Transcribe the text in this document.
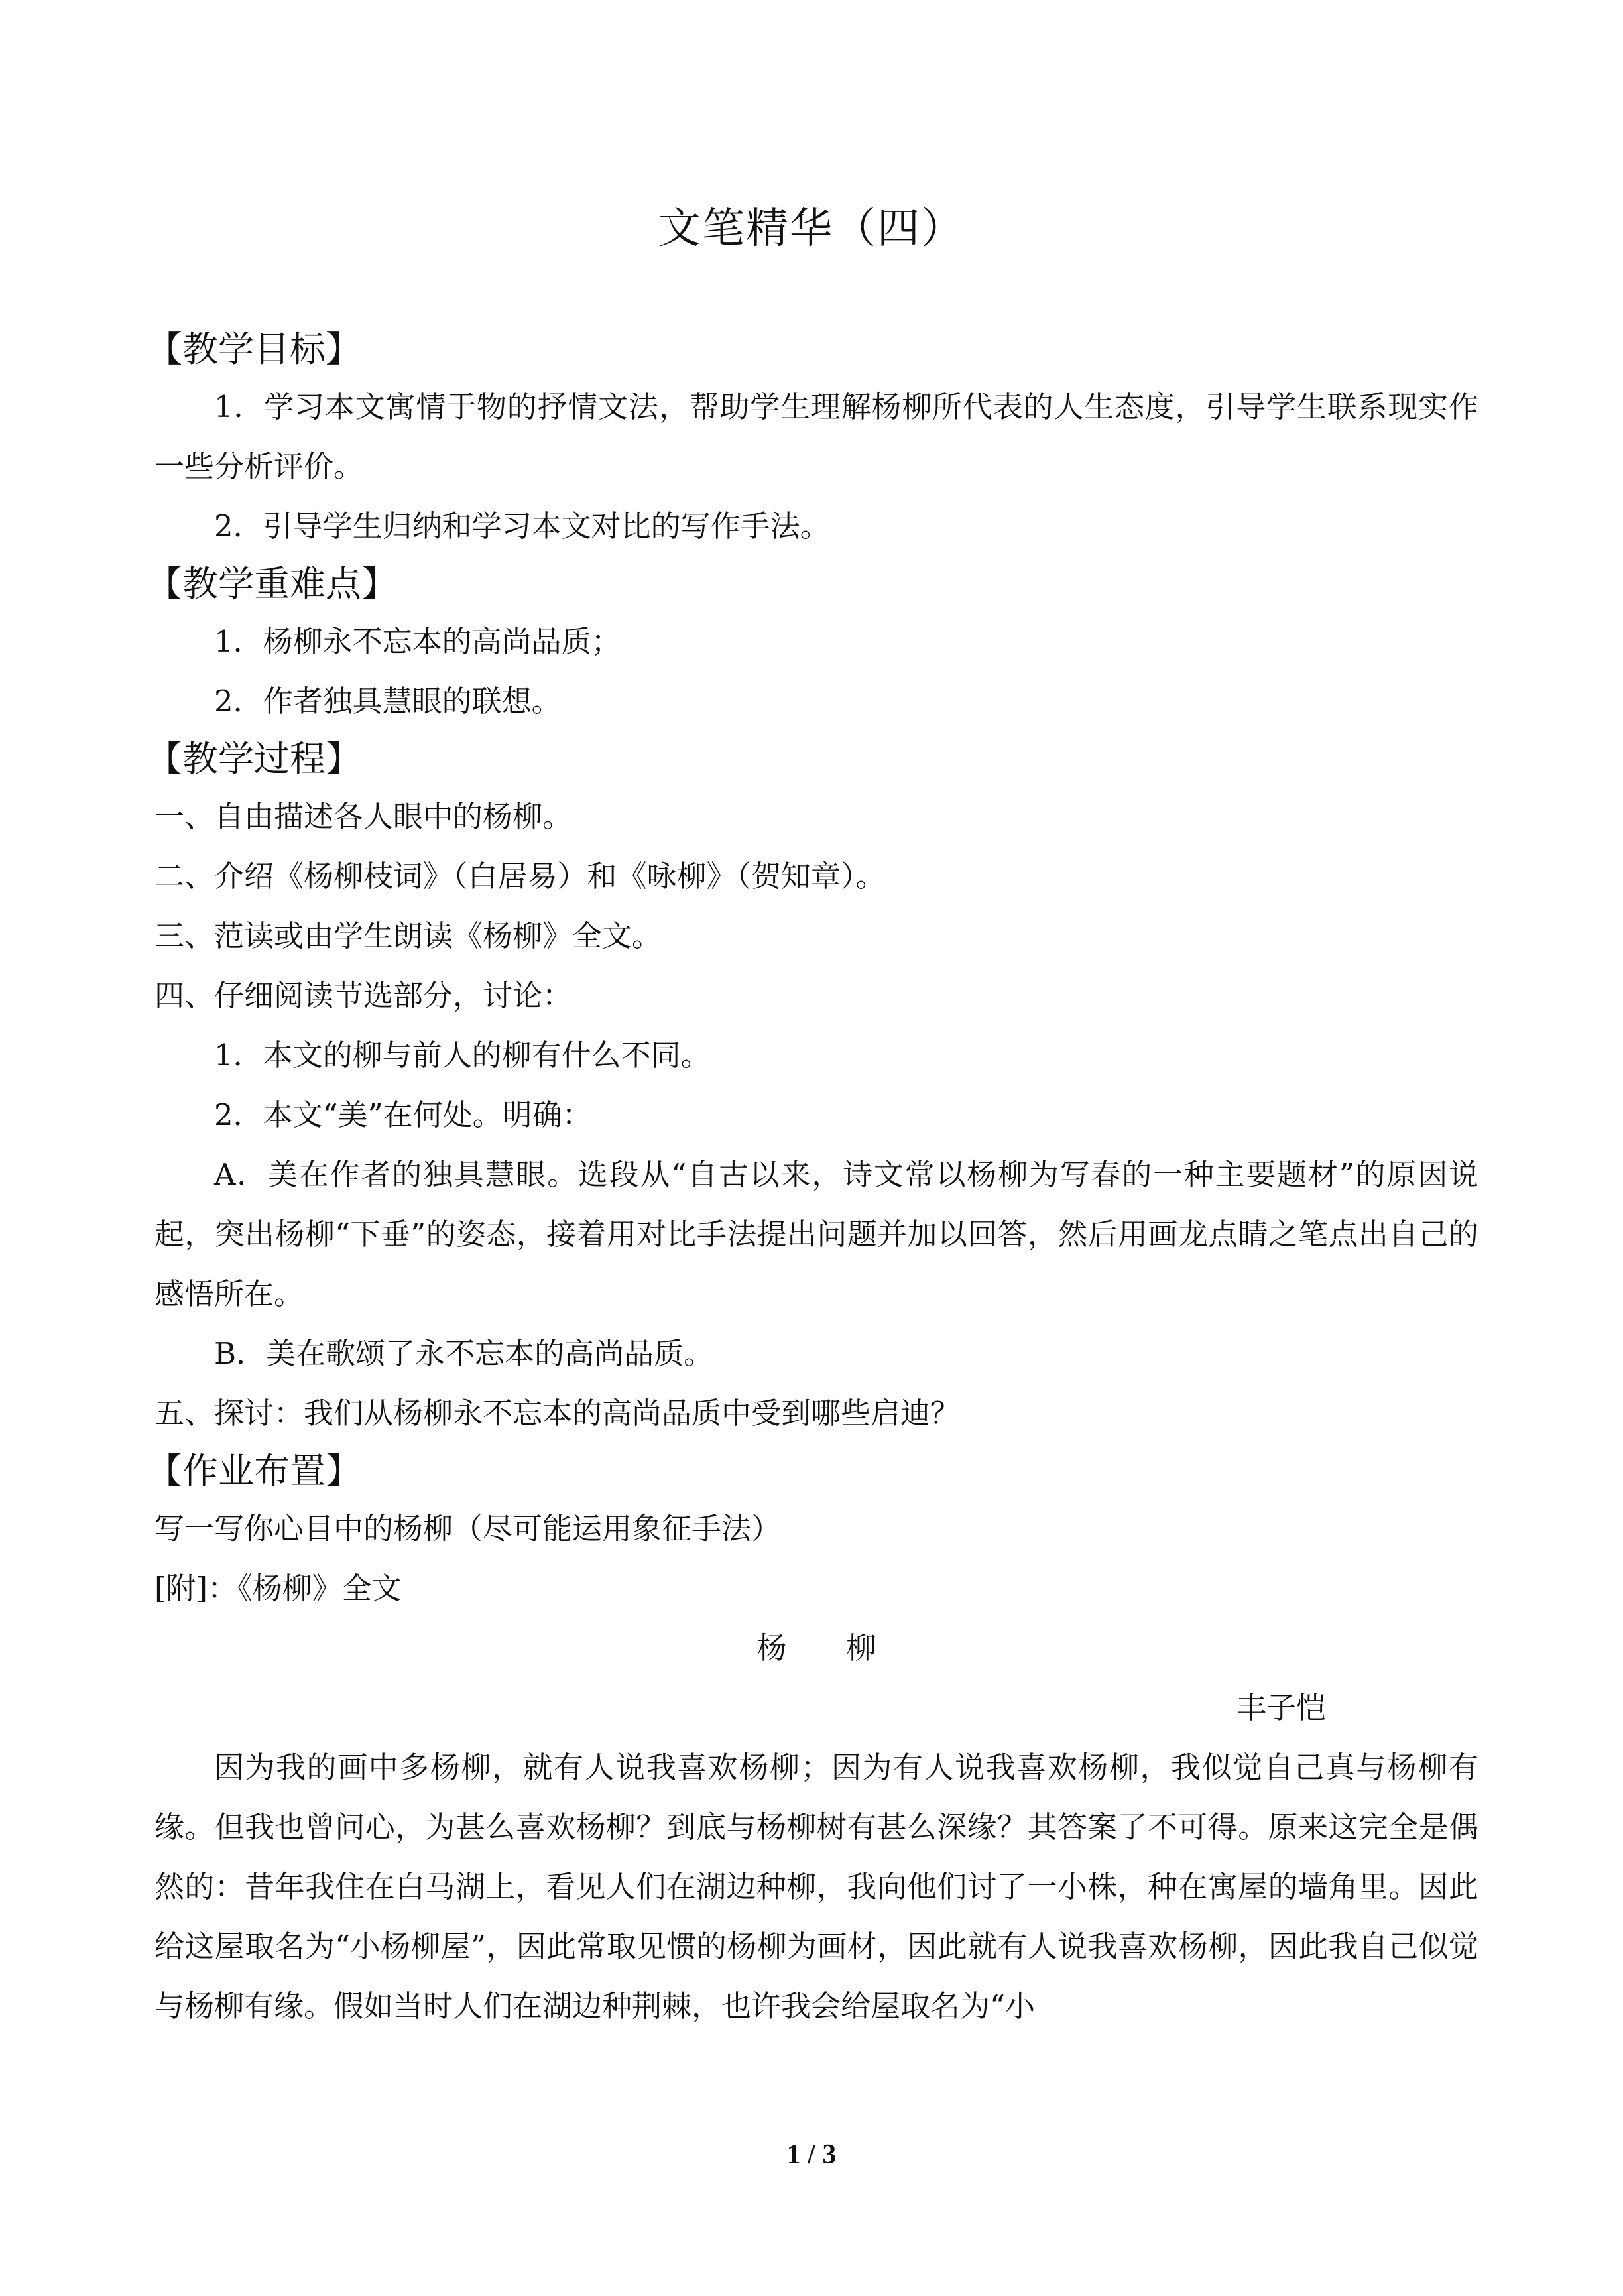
文笔精华（四）
【教学目标】
1．学习本文寓情于物的抒情文法，帮助学生理解杨柳所代表的人生态度，引导学生联系现实作一些分析评价。
2．引导学生归纳和学习本文对比的写作手法。
【教学重难点】
1．杨柳永不忘本的高尚品质；
2．作者独具慧眼的联想。
【教学过程】
一、自由描述各人眼中的杨柳。
二、介绍《杨柳枝词》（白居易）和《咏柳》（贺知章）。
三、范读或由学生朗读《杨柳》全文。
四、仔细阅读节选部分，讨论：
1．本文的柳与前人的柳有什么不同。
2．本文“美”在何处。明确：
A．美在作者的独具慧眼。选段从“自古以来，诗文常以杨柳为写春的一种主要题材”的原因说起，突出杨柳“下垂”的姿态，接着用对比手法提出问题并加以回答，然后用画龙点睛之笔点出自己的感悟所在。
B．美在歌颂了永不忘本的高尚品质。
五、探讨：我们从杨柳永不忘本的高尚品质中受到哪些启迪？
【作业布置】
写一写你心目中的杨柳（尽可能运用象征手法）
[附]：《杨柳》全文
杨 柳
丰子恺
因为我的画中多杨柳，就有人说我喜欢杨柳；因为有人说我喜欢杨柳，我似觉自己真与杨柳有缘。但我也曾问心，为甚么喜欢杨柳？到底与杨柳树有甚么深缘？其答案了不可得。原来这完全是偶然的：昔年我住在白马湖上，看见人们在湖边种柳，我向他们讨了一小株，种在寓屋的墙角里。因此给这屋取名为“小杨柳屋”，因此常取见惯的杨柳为画材，因此就有人说我喜欢杨柳，因此我自己似觉与杨柳有缘。假如当时人们在湖边种荆棘，也许我会给屋取名为“小
1 / 3
